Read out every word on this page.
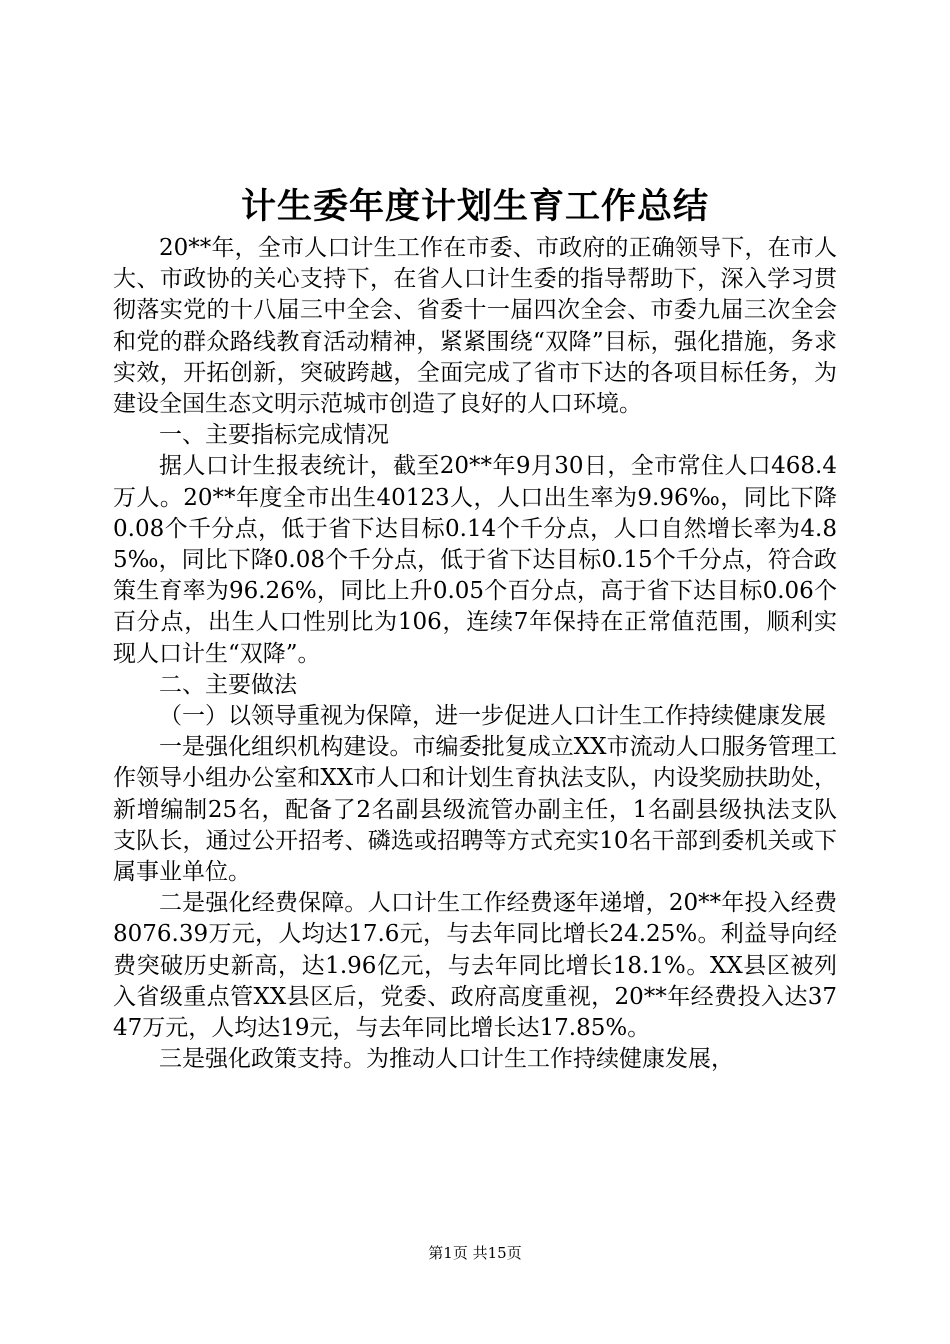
计生委年度计划生育工作总结

20**年，全市人口计生工作在市委、市政府的正确领导下，在市人大、市政协的关心支持下，在省人口计生委的指导帮助下，深入学习贯彻落实党的十八届三中全会、省委十一届四次全会、市委九届三次全会和党的群众路线教育活动精神，紧紧围绕“双降”目标，强化措施，务求实效，开拓创新，突破跨越，全面完成了省市下达的各项目标任务，为建设全国生态文明示范城市创造了良好的人口环境。

一、主要指标完成情况

据人口计生报表统计，截至20**年9月30日，全市常住人口468.4万人。20**年度全市出生40123人，人口出生率为9.96‰，同比下降0.08个千分点，低于省下达目标0.14个千分点，人口自然增长率为4.85‰，同比下降0.08个千分点，低于省下达目标0.15个千分点，符合政策生育率为96.26%，同比上升0.05个百分点，高于省下达目标0.06个百分点，出生人口性别比为106，连续7年保持在正常值范围，顺利实现人口计生“双降”。

二、主要做法

（一）以领导重视为保障，进一步促进人口计生工作持续健康发展

一是强化组织机构建设。市编委批复成立XX市流动人口服务管理工作领导小组办公室和XX市人口和计划生育执法支队，内设奖励扶助处，新增编制25名，配备了2名副县级流管办副主任，1名副县级执法支队支队长，通过公开招考、磷选或招聘等方式充实10名干部到委机关或下属事业单位。

二是强化经费保障。人口计生工作经费逐年递增，20**年投入经费8076.39万元，人均达17.6元，与去年同比增长24.25%。利益导向经费突破历史新高，达1.96亿元，与去年同比增长18.1%。XX县区被列入省级重点管XX县区后，党委、政府高度重视，20**年经费投入达3747万元，人均达19元，与去年同比增长达17.85%。

三是强化政策支持。为推动人口计生工作持续健康发展，

第1页 共15页
